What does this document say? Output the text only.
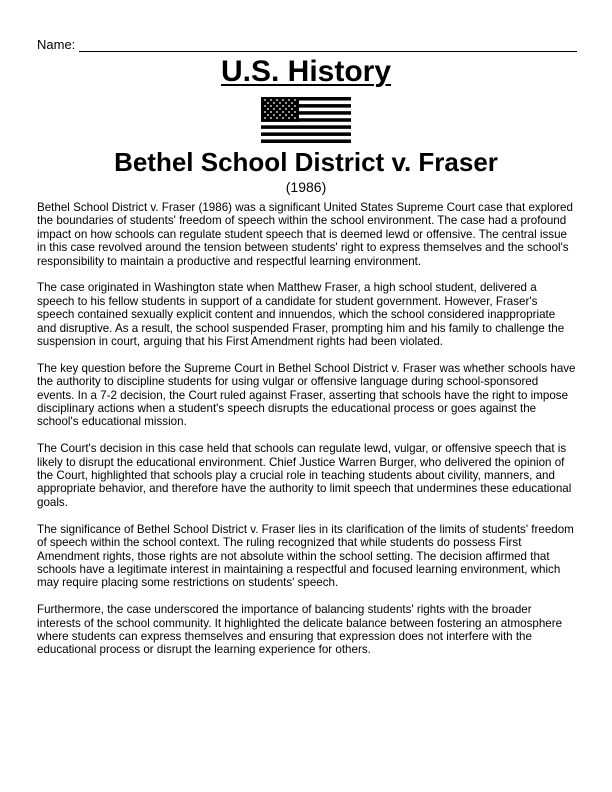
Name:
U.S. History
Bethel School District v. Fraser
(1986)

Bethel School District v. Fraser (1986) was a significant United States Supreme Court case that explored the boundaries of students' freedom of speech within the school environment. The case had a profound impact on how schools can regulate student speech that is deemed lewd or offensive. The central issue in this case revolved around the tension between students' right to express themselves and the school's responsibility to maintain a productive and respectful learning environment.

The case originated in Washington state when Matthew Fraser, a high school student, delivered a speech to his fellow students in support of a candidate for student government. However, Fraser's speech contained sexually explicit content and innuendos, which the school considered inappropriate and disruptive. As a result, the school suspended Fraser, prompting him and his family to challenge the suspension in court, arguing that his First Amendment rights had been violated.

The key question before the Supreme Court in Bethel School District v. Fraser was whether schools have the authority to discipline students for using vulgar or offensive language during school-sponsored events. In a 7-2 decision, the Court ruled against Fraser, asserting that schools have the right to impose disciplinary actions when a student's speech disrupts the educational process or goes against the school's educational mission.

The Court's decision in this case held that schools can regulate lewd, vulgar, or offensive speech that is likely to disrupt the educational environment. Chief Justice Warren Burger, who delivered the opinion of the Court, highlighted that schools play a crucial role in teaching students about civility, manners, and appropriate behavior, and therefore have the authority to limit speech that undermines these educational goals.

The significance of Bethel School District v. Fraser lies in its clarification of the limits of students' freedom of speech within the school context. The ruling recognized that while students do possess First Amendment rights, those rights are not absolute within the school setting. The decision affirmed that schools have a legitimate interest in maintaining a respectful and focused learning environment, which may require placing some restrictions on students' speech.

Furthermore, the case underscored the importance of balancing students' rights with the broader interests of the school community. It highlighted the delicate balance between fostering an atmosphere where students can express themselves and ensuring that expression does not interfere with the educational process or disrupt the learning experience for others.
